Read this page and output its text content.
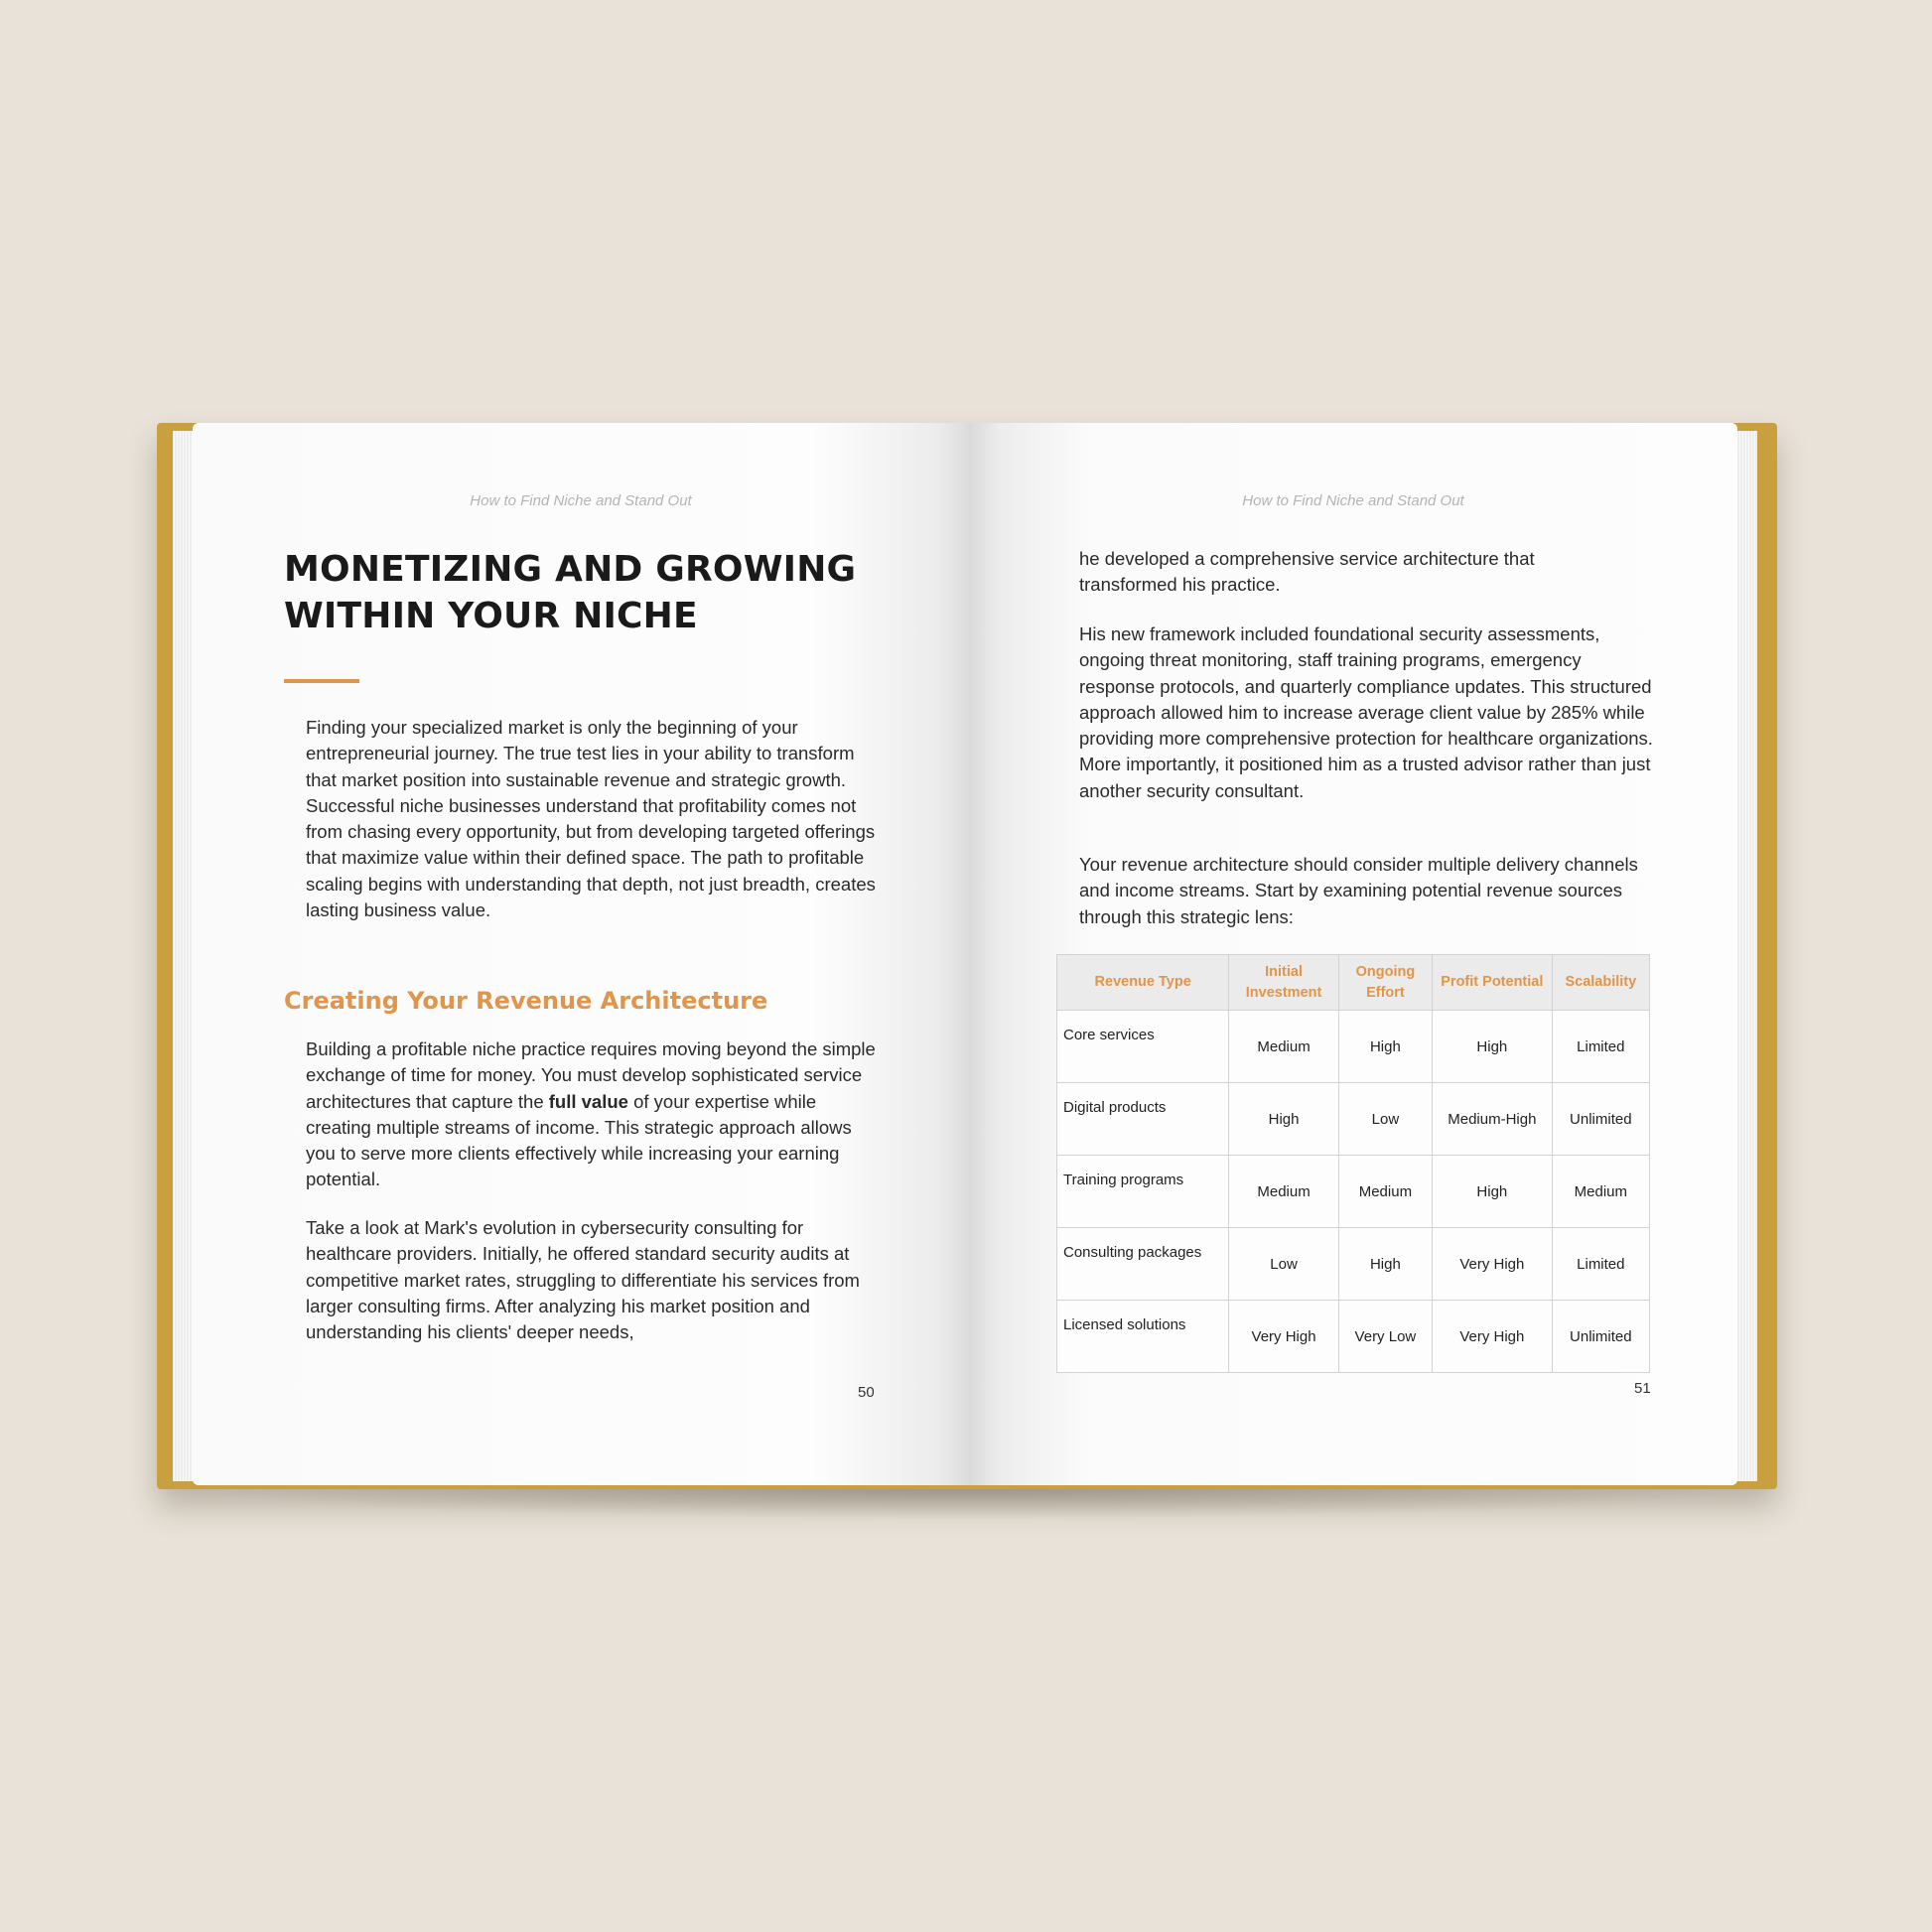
How to Find Niche and Stand Out
MONETIZING AND GROWING
WITHIN YOUR NICHE

Finding your specialized market is only the beginning of your entrepreneurial journey. The true test lies in your ability to transform that market position into sustainable revenue and strategic growth. Successful niche businesses understand that profitability comes not from chasing every opportunity, but from developing targeted offerings that maximize value within their defined space. The path to profitable scaling begins with understanding that depth, not just breadth, creates lasting business value.

Creating Your Revenue Architecture

Building a profitable niche practice requires moving beyond the simple exchange of time for money. You must develop sophisticated service architectures that capture the full value of your expertise while creating multiple streams of income. This strategic approach allows you to serve more clients effectively while increasing your earning potential.

Take a look at Mark's evolution in cybersecurity consulting for healthcare providers. Initially, he offered standard security audits at competitive market rates, struggling to differentiate his services from larger consulting firms. After analyzing his market position and understanding his clients' deeper needs,

50
How to Find Niche and Stand Out

he developed a comprehensive service architecture that transformed his practice.

His new framework included foundational security assessments, ongoing threat monitoring, staff training programs, emergency response protocols, and quarterly compliance updates. This structured approach allowed him to increase average client value by 285% while providing more comprehensive protection for healthcare organizations. More importantly, it positioned him as a trusted advisor rather than just another security consultant.

Your revenue architecture should consider multiple delivery channels and income streams. Start by examining potential revenue sources through this strategic lens:

Revenue Type	Initial Investment	Ongoing Effort	Profit Potential	Scalability
Core services	Medium	High	High	Limited
Digital products	High	Low	Medium-High	Unlimited
Training programs	Medium	Medium	High	Medium
Consulting packages	Low	High	Very High	Limited
Licensed solutions	Very High	Very Low	Very High	Unlimited
51
